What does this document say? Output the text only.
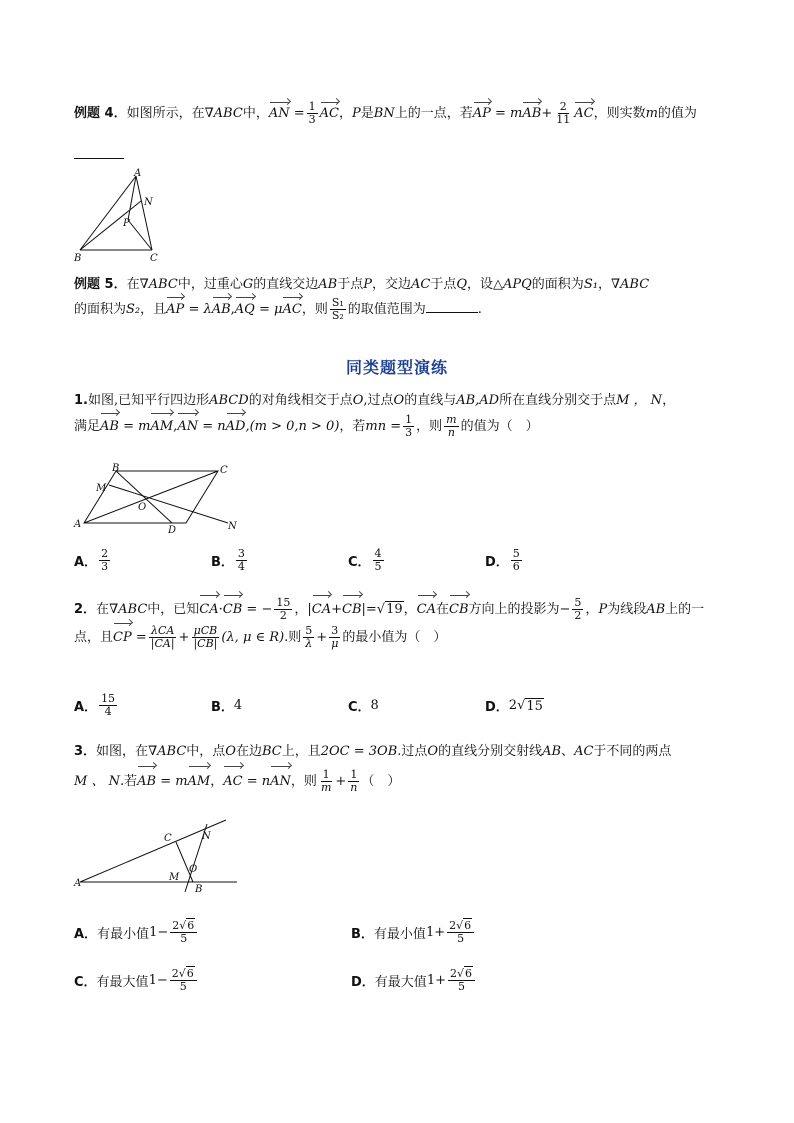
例题 4．如图所示，在∇ABC中，AN = $\frac{1}{3}$ AC，P是BN上的一点，若AP = $mAB+ \frac{2}{11}$ AC，则实数m的值为
A
N
P
B	C
例题 5．在∇ABC中，过重心G的直线交边AB于点P，交边AC于点Q，设△APQ的面积为S₁，∇ABC
的面积为S₂，且AP = λAB,AQ = μAC，则 $\frac{\text{S₁}}{\text{S₂}}$ 的取值范围为	.
同类题型演练
1.如图,已知平行四边形ABCD的对角线相交于点O,过点O的直线与AB,AD所在直线分别交于点M ， N，
满足AB = mAM,AN = nAD,(m > 0,n > 0)，若mn = $\frac{1}{3}$ ，则 $\frac{m}{n}$ 的值为（　）
B	C
M
O
A
D	N
A． $\frac{2}{3}$	B． $\frac{3}{4}$	C． $\frac{4}{5}$	D． $\frac{5}{6}$
2．在∇ABC中，已知CA·CB = − $\frac{15}{2}$ ，|CA+CB|=√19，CA在CB方向上的投影为− $\frac{5}{2}$ ，P为线段AB上的一
点，且CP = $\frac{\text{λCA}}{|CA|} + \frac{\text{μCB}}{|CB|} (\lambda$, μ ∈ R).则 $\frac{5}{\lambda} + \frac{3}{\mu}$ 的最小值为（　）
A． $\frac{15}{4}$	B． 4	C． 8	D． 2 √ 15
3．如图，在∇ABC中，点O在边BC上，且2OC = 3OB.过点O的直线分别交射线AB、AC于不同的两点
M 、 N.若AB = mAM，AC = nAN，则 $\frac{1}{m} + \frac{1}{n}$ （　）
C	N
O
A
M
B
A． 有最小值 $1- \frac{2√6}{5}$	B． 有最小值 $1+ \frac{2√6}{5}$
C． 有最大值 $1- \frac{2√6}{5}$	D． 有最大值 $1+ \frac{2√6}{5}$
